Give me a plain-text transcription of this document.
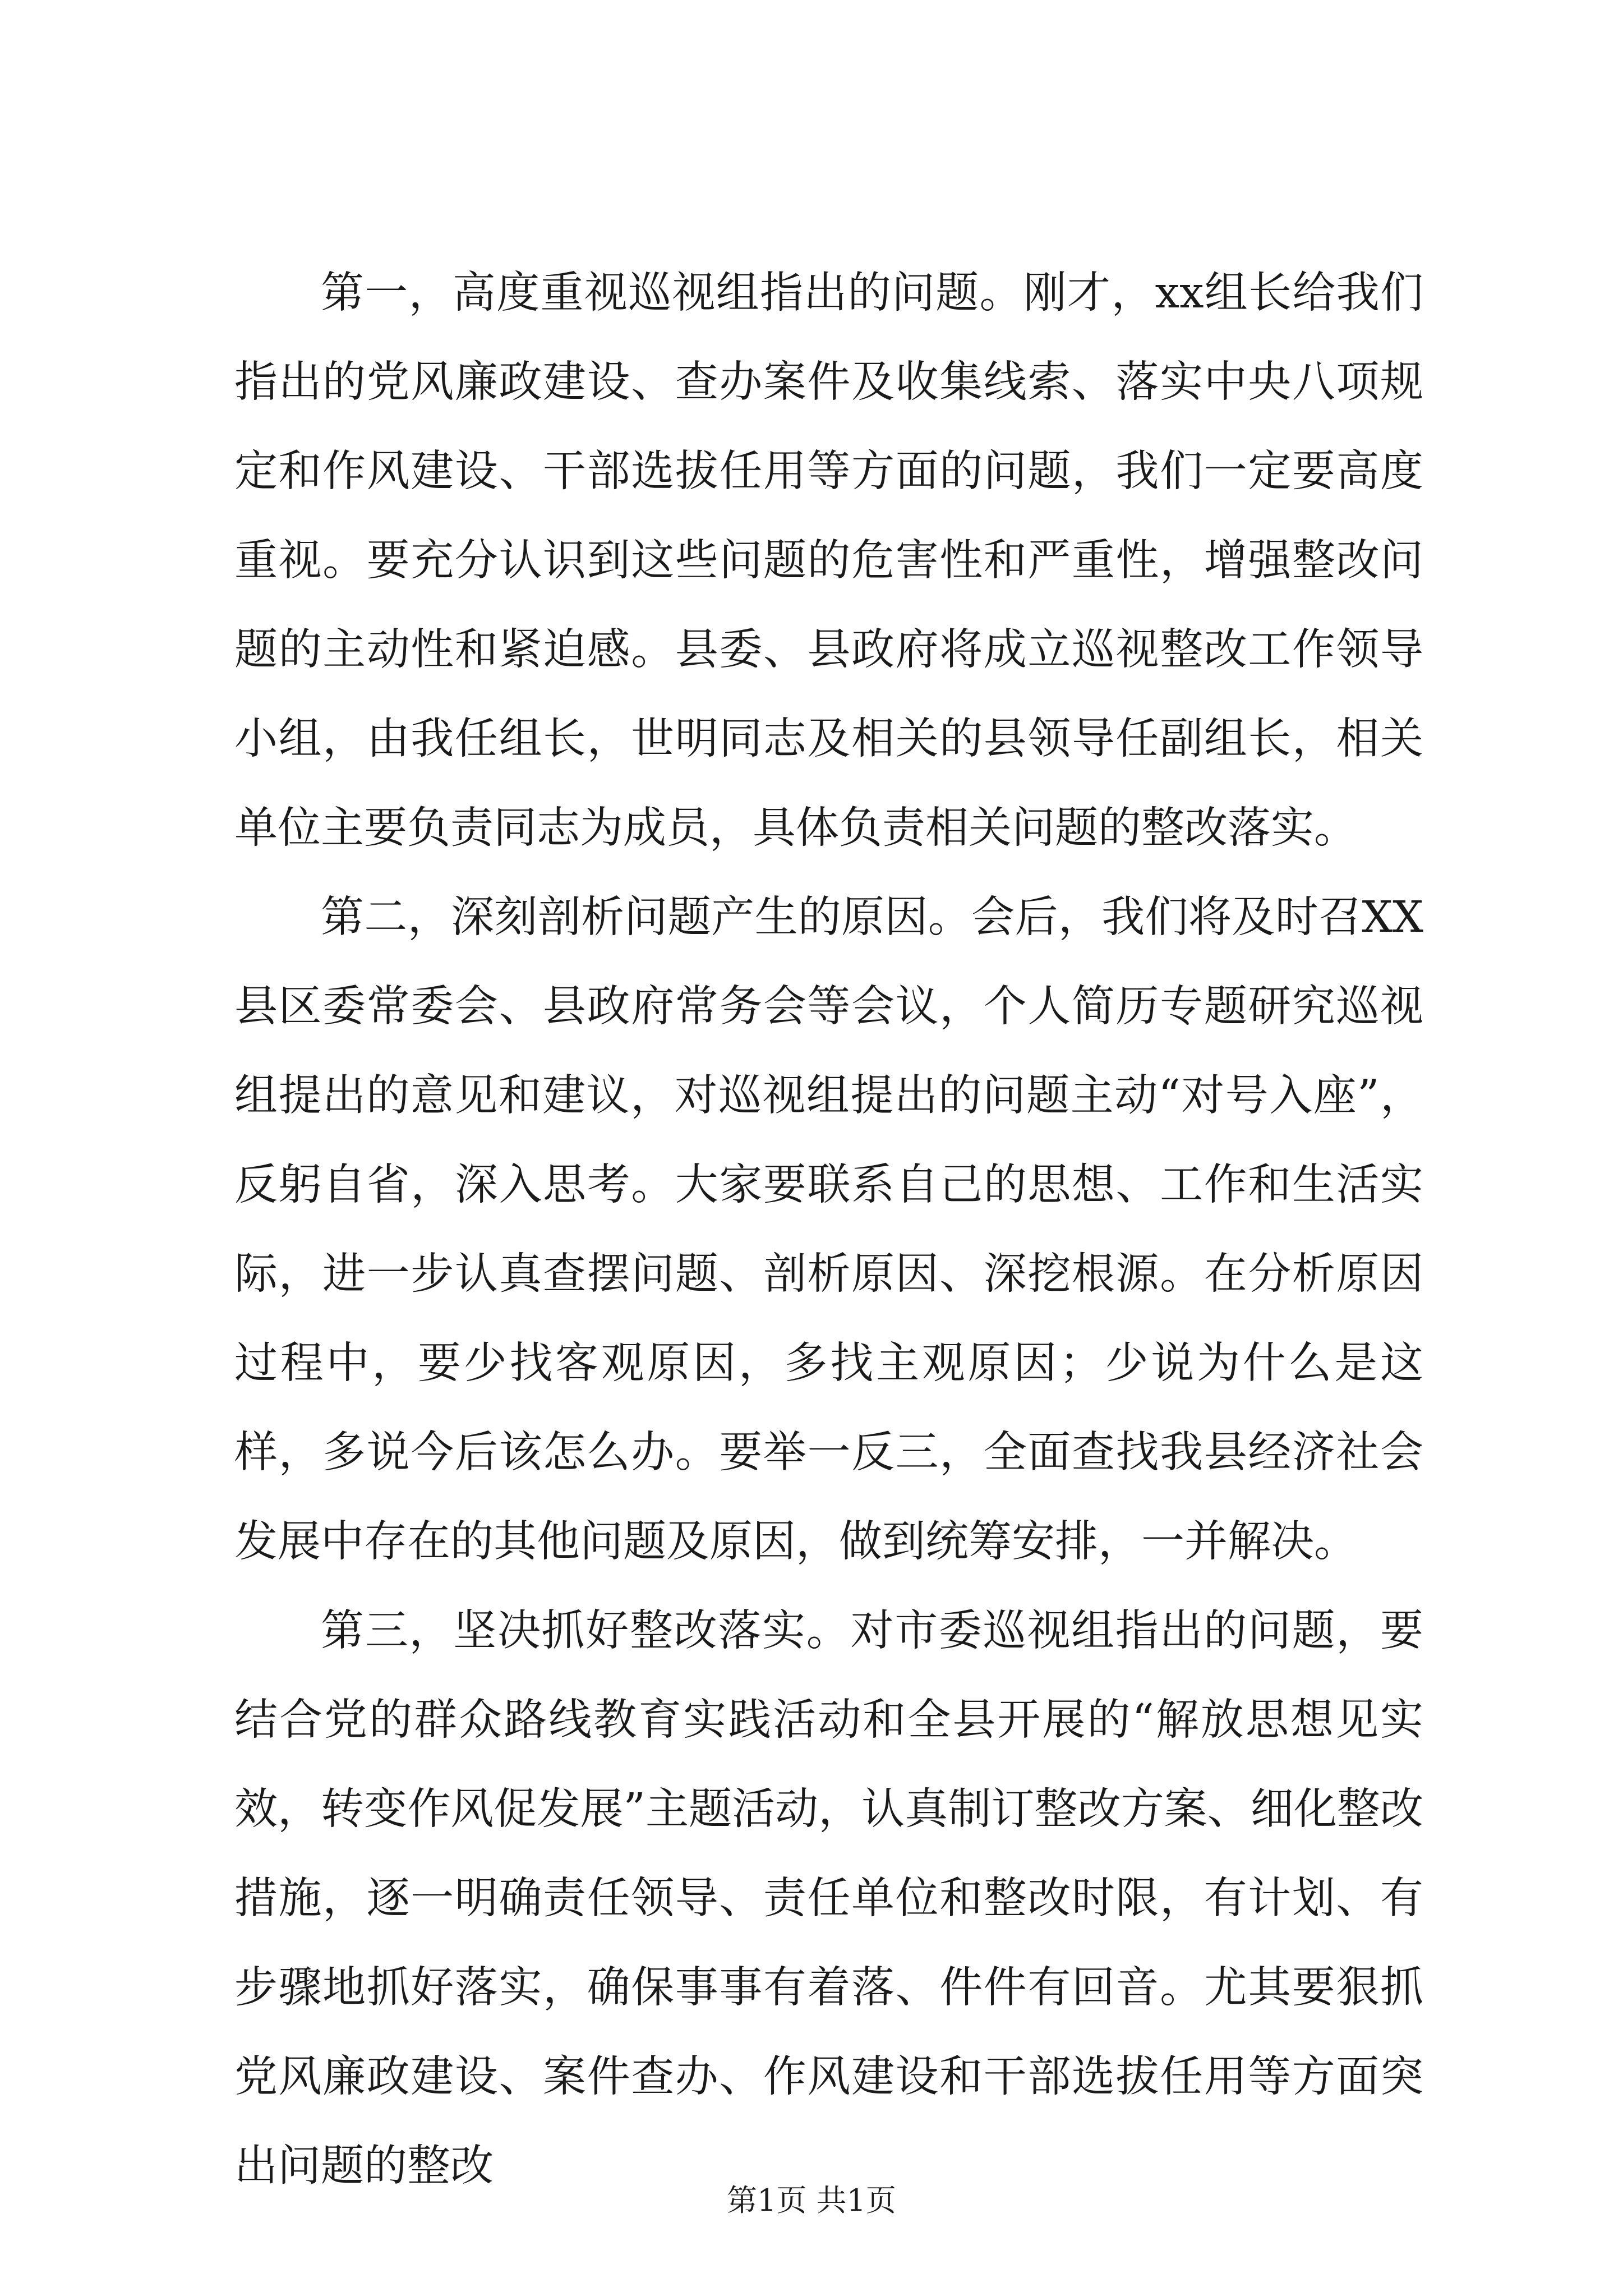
第一，高度重视巡视组指出的问题。刚才，xx组长给我们指出的党风廉政建设、查办案件及收集线索、落实中央八项规定和作风建设、干部选拔任用等方面的问题，我们一定要高度重视。要充分认识到这些问题的危害性和严重性，增强整改问题的主动性和紧迫感。县委、县政府将成立巡视整改工作领导小组，由我任组长，世明同志及相关的县领导任副组长，相关单位主要负责同志为成员，具体负责相关问题的整改落实。

第二，深刻剖析问题产生的原因。会后，我们将及时召XX县区委常委会、县政府常务会等会议，个人简历专题研究巡视组提出的意见和建议，对巡视组提出的问题主动“对号入座”，反躬自省，深入思考。大家要联系自己的思想、工作和生活实际，进一步认真查摆问题、剖析原因、深挖根源。在分析原因过程中，要少找客观原因，多找主观原因；少说为什么是这样，多说今后该怎么办。要举一反三，全面查找我县经济社会发展中存在的其他问题及原因，做到统筹安排，一并解决。

第三，坚决抓好整改落实。对市委巡视组指出的问题，要结合党的群众路线教育实践活动和全县开展的“解放思想见实效，转变作风促发展”主题活动，认真制订整改方案、细化整改措施，逐一明确责任领导、责任单位和整改时限，有计划、有步骤地抓好落实，确保事事有着落、件件有回音。尤其要狠抓党风廉政建设、案件查办、作风建设和干部选拔任用等方面突出问题的整改

第1页 共1页
